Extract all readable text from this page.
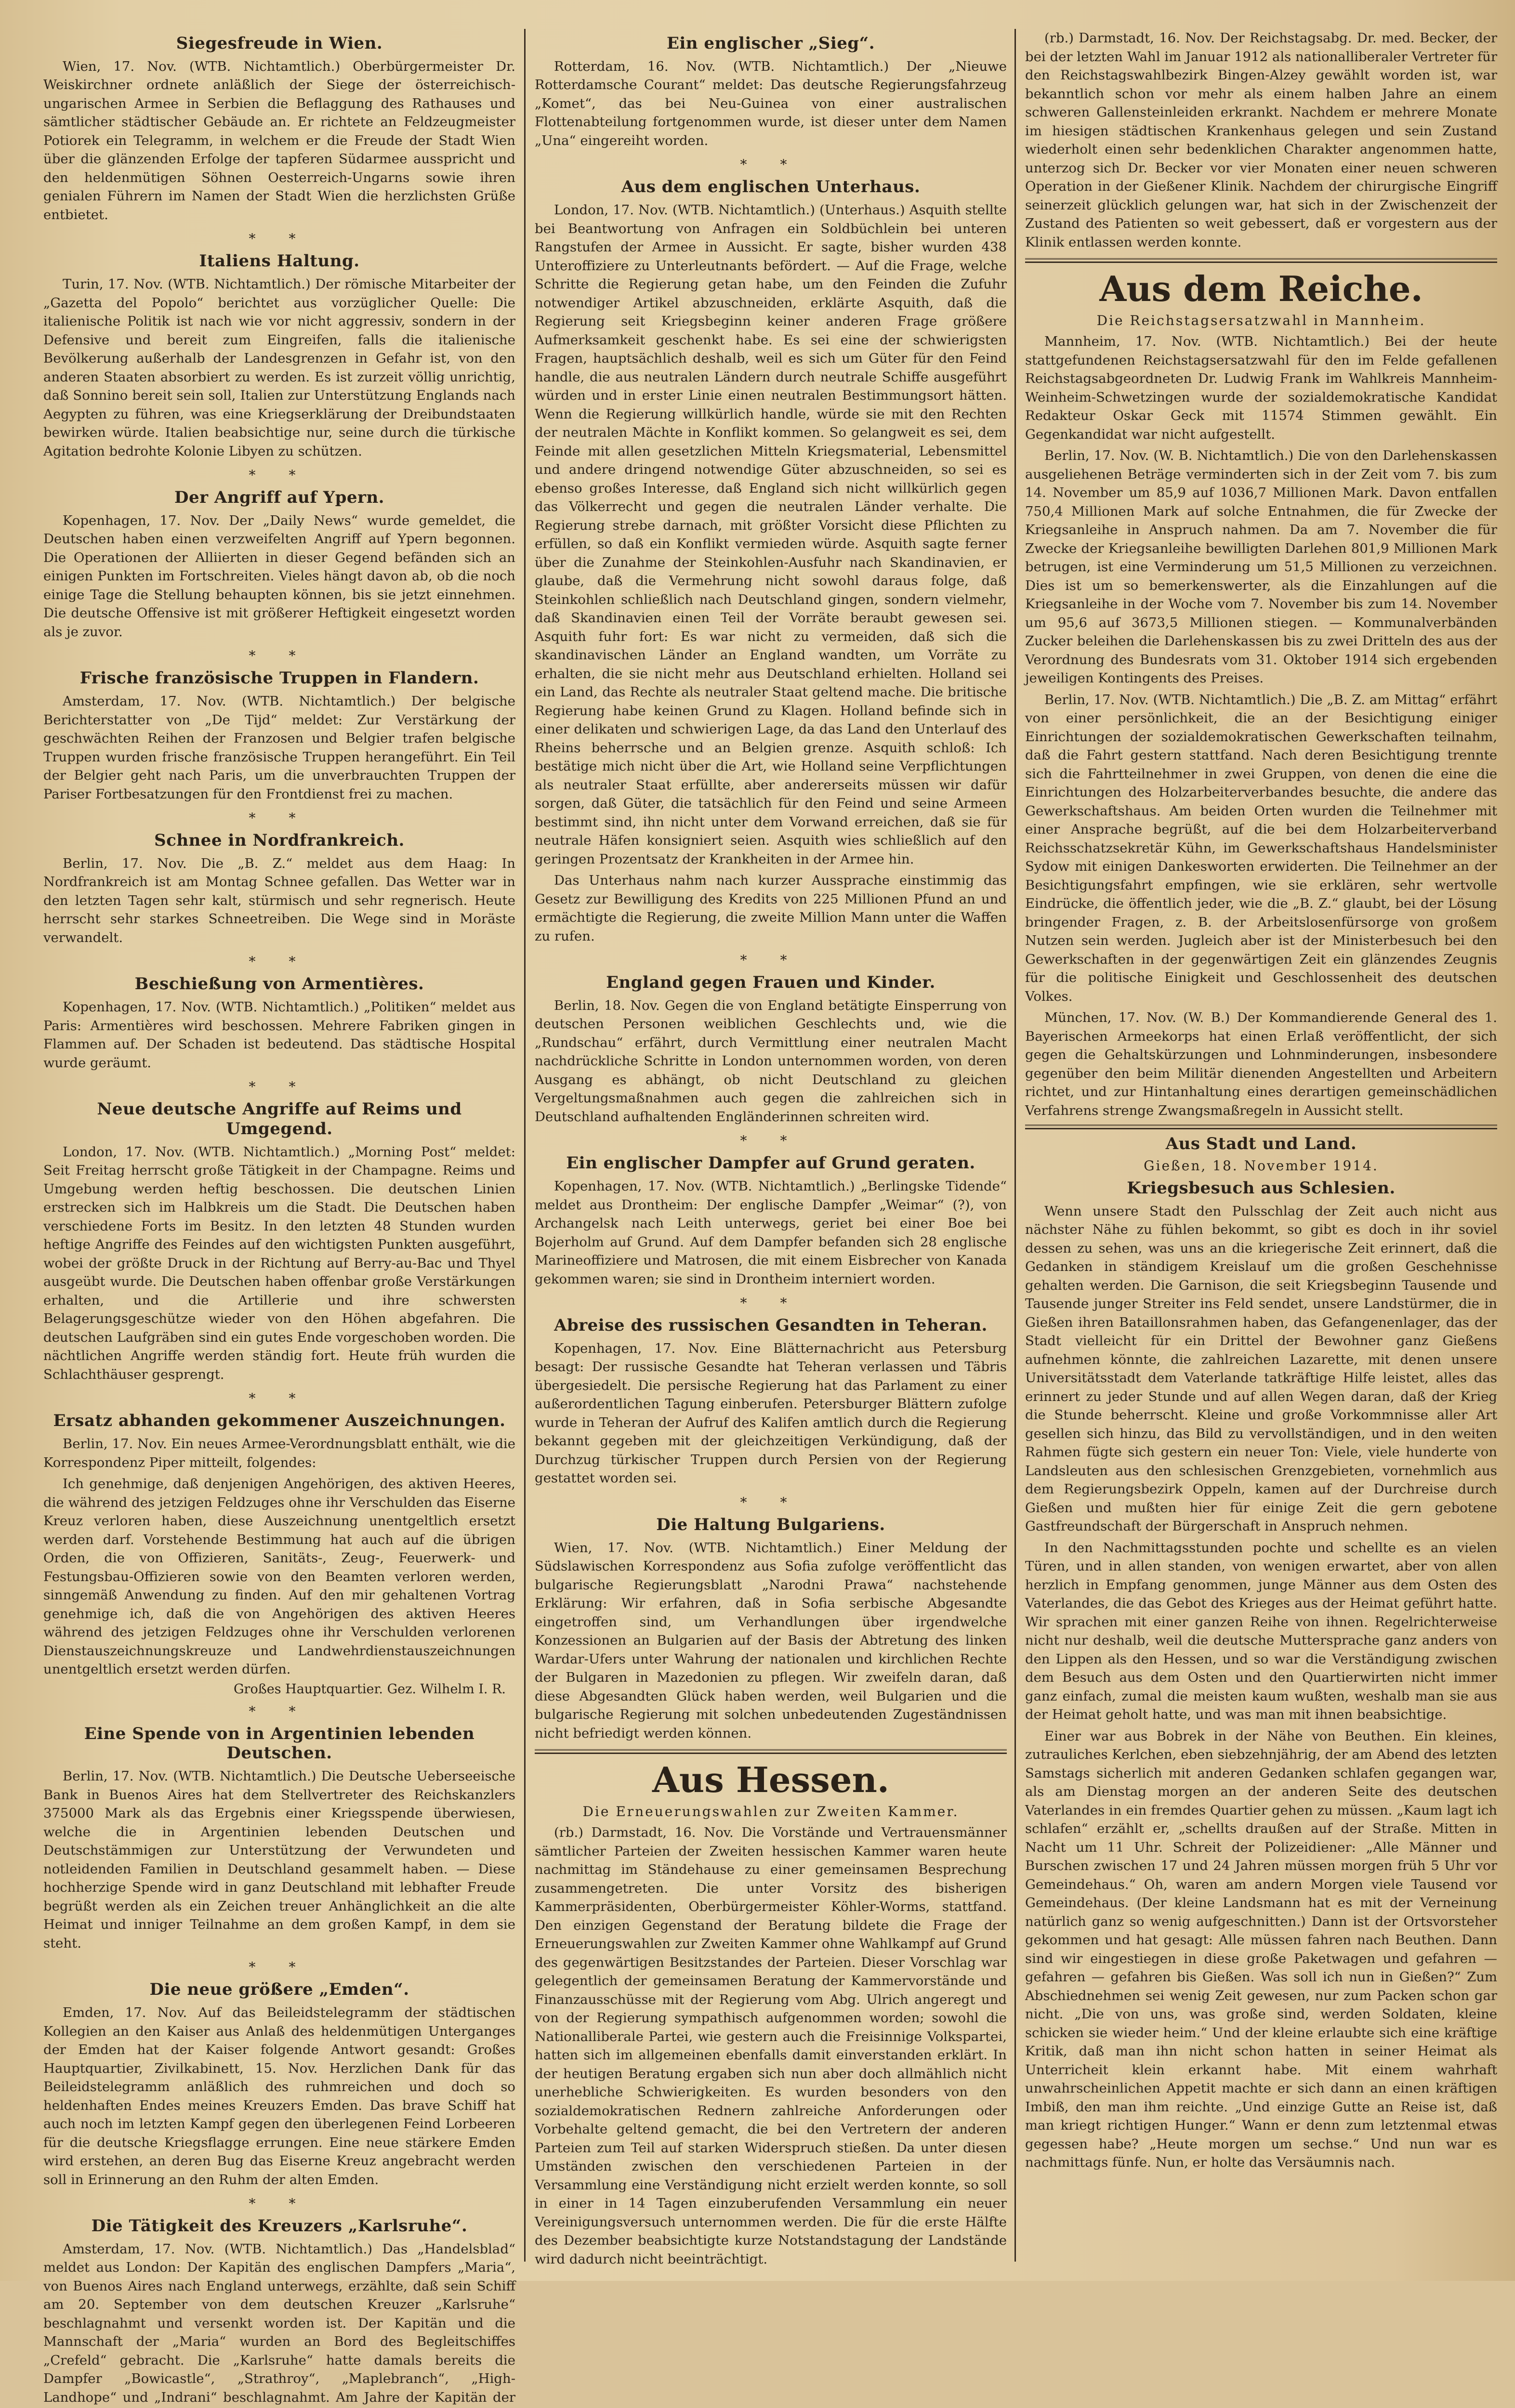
Siegesfreude in Wien.

Wien, 17. Nov. (WTB. Nichtamtlich.) Oberbürgermeister Dr. Weiskirchner ordnete anläßlich der Siege der österreichisch-ungarischen Armee in Serbien die Beflaggung des Rathauses und sämtlicher städtischer Gebäude an. Er richtete an Feldzeugmeister Potiorek ein Telegramm, in welchem er die Freude der Stadt Wien über die glänzenden Erfolge der tapferen Südarmee ausspricht und den heldenmütigen Söhnen Oesterreich-Ungarns sowie ihren genialen Führern im Namen der Stadt Wien die herzlichsten Grüße entbietet.

* *
Italiens Haltung.

Turin, 17. Nov. (WTB. Nichtamtlich.) Der römische Mitarbeiter der „Gazetta del Popolo“ berichtet aus vorzüglicher Quelle: Die italienische Politik ist nach wie vor nicht aggressiv, sondern in der Defensive und bereit zum Eingreifen, falls die italienische Bevölkerung außerhalb der Landesgrenzen in Gefahr ist, von den anderen Staaten absorbiert zu werden. Es ist zurzeit völlig unrichtig, daß Sonnino bereit sein soll, Italien zur Unterstützung Englands nach Aegypten zu führen, was eine Kriegserklärung der Dreibundstaaten bewirken würde. Italien beabsichtige nur, seine durch die türkische Agitation bedrohte Kolonie Libyen zu schützen.

* *
Der Angriff auf Ypern.

Kopenhagen, 17. Nov. Der „Daily News“ wurde gemeldet, die Deutschen haben einen verzweifelten Angriff auf Ypern begonnen. Die Operationen der Alliierten in dieser Gegend befänden sich an einigen Punkten im Fortschreiten. Vieles hängt davon ab, ob die noch einige Tage die Stellung behaupten können, bis sie jetzt einnehmen. Die deutsche Offensive ist mit größerer Heftigkeit eingesetzt worden als je zuvor.

* *
Frische französische Truppen in Flandern.

Amsterdam, 17. Nov. (WTB. Nichtamtlich.) Der belgische Berichterstatter von „De Tijd“ meldet: Zur Verstärkung der geschwächten Reihen der Franzosen und Belgier trafen belgische Truppen wurden frische französische Truppen herangeführt. Ein Teil der Belgier geht nach Paris, um die unverbrauchten Truppen der Pariser Fortbesatzungen für den Frontdienst frei zu machen.

* *
Schnee in Nordfrankreich.

Berlin, 17. Nov. Die „B. Z.“ meldet aus dem Haag: In Nordfrankreich ist am Montag Schnee gefallen. Das Wetter war in den letzten Tagen sehr kalt, stürmisch und sehr regnerisch. Heute herrscht sehr starkes Schneetreiben. Die Wege sind in Moräste verwandelt.

* *
Beschießung von Armentières.

Kopenhagen, 17. Nov. (WTB. Nichtamtlich.) „Politiken“ meldet aus Paris: Armentières wird beschossen. Mehrere Fabriken gingen in Flammen auf. Der Schaden ist bedeutend. Das städtische Hospital wurde geräumt.

* *
Neue deutsche Angriffe auf Reims und Umgegend.

London, 17. Nov. (WTB. Nichtamtlich.) „Morning Post“ meldet: Seit Freitag herrscht große Tätigkeit in der Champagne. Reims und Umgebung werden heftig beschossen. Die deutschen Linien erstrecken sich im Halbkreis um die Stadt. Die Deutschen haben verschiedene Forts im Besitz. In den letzten 48 Stunden wurden heftige Angriffe des Feindes auf den wichtigsten Punkten ausgeführt, wobei der größte Druck in der Richtung auf Berry-au-Bac und Thyel ausgeübt wurde. Die Deutschen haben offenbar große Verstärkungen erhalten, und die Artillerie und ihre schwersten Belagerungsgeschütze wieder von den Höhen abgefahren. Die deutschen Laufgräben sind ein gutes Ende vorgeschoben worden. Die nächtlichen Angriffe werden ständig fort. Heute früh wurden die Schlachthäuser gesprengt.

* *
Ersatz abhanden gekommener Auszeichnungen.

Berlin, 17. Nov. Ein neues Armee-Verordnungsblatt enthält, wie die Korrespondenz Piper mitteilt, folgendes:

Ich genehmige, daß denjenigen Angehörigen, des aktiven Heeres, die während des jetzigen Feldzuges ohne ihr Verschulden das Eiserne Kreuz verloren haben, diese Auszeichnung unentgeltlich ersetzt werden darf. Vorstehende Bestimmung hat auch auf die übrigen Orden, die von Offizieren, Sanitäts-, Zeug-, Feuerwerk- und Festungsbau-Offizieren sowie von den Beamten verloren werden, sinngemäß Anwendung zu finden. Auf den mir gehaltenen Vortrag genehmige ich, daß die von Angehörigen des aktiven Heeres während des jetzigen Feldzuges ohne ihr Verschulden verlorenen Dienstauszeichnungskreuze und Landwehrdienstauszeichnungen unentgeltlich ersetzt werden dürfen.

Großes Hauptquartier. Gez. Wilhelm I. R.
* *
Eine Spende von in Argentinien lebenden Deutschen.

Berlin, 17. Nov. (WTB. Nichtamtlich.) Die Deutsche Ueberseeische Bank in Buenos Aires hat dem Stellvertreter des Reichskanzlers 375000 Mark als das Ergebnis einer Kriegsspende überwiesen, welche die in Argentinien lebenden Deutschen und Deutschstämmigen zur Unterstützung der Verwundeten und notleidenden Familien in Deutschland gesammelt haben. — Diese hochherzige Spende wird in ganz Deutschland mit lebhafter Freude begrüßt werden als ein Zeichen treuer Anhänglichkeit an die alte Heimat und inniger Teilnahme an dem großen Kampf, in dem sie steht.

* *
Die neue größere „Emden“.

Emden, 17. Nov. Auf das Beileidstelegramm der städtischen Kollegien an den Kaiser aus Anlaß des heldenmütigen Unterganges der Emden hat der Kaiser folgende Antwort gesandt: Großes Hauptquartier, Zivilkabinett, 15. Nov. Herzlichen Dank für das Beileidstelegramm anläßlich des ruhmreichen und doch so heldenhaften Endes meines Kreuzers Emden. Das brave Schiff hat auch noch im letzten Kampf gegen den überlegenen Feind Lorbeeren für die deutsche Kriegsflagge errungen. Eine neue stärkere Emden wird erstehen, an deren Bug das Eiserne Kreuz angebracht werden soll in Erinnerung an den Ruhm der alten Emden.

* *
Die Tätigkeit des Kreuzers „Karlsruhe“.

Amsterdam, 17. Nov. (WTB. Nichtamtlich.) Das „Handelsblad“ meldet aus London: Der Kapitän des englischen Dampfers „Maria“, von Buenos Aires nach England unterwegs, erzählte, daß sein Schiff am 20. September von dem deutschen Kreuzer „Karlsruhe“ beschlagnahmt und versenkt worden ist. Der Kapitän und die Mannschaft der „Maria“ wurden an Bord des Begleitschiffes „Crefeld“ gebracht. Die „Karlsruhe“ hatte damals bereits die Dampfer „Bowicastle“, „Strathroy“, „Maplebranch“, „High-Landhope“ und „Indrani“ beschlagnahmt. Am Jahre der Kapitän der

Ein englischer „Sieg“.

Rotterdam, 16. Nov. (WTB. Nichtamtlich.) Der „Nieuwe Rotterdamsche Courant“ meldet: Das deutsche Regierungsfahrzeug „Komet“, das bei Neu-Guinea von einer australischen Flottenabteilung fortgenommen wurde, ist dieser unter dem Namen „Una“ eingereiht worden.

* *
Aus dem englischen Unterhaus.

London, 17. Nov. (WTB. Nichtamtlich.) (Unterhaus.) Asquith stellte bei Beantwortung von Anfragen ein Soldbüchlein bei unteren Rangstufen der Armee in Aussicht. Er sagte, bisher wurden 438 Unteroffiziere zu Unterleutnants befördert. — Auf die Frage, welche Schritte die Regierung getan habe, um den Feinden die Zufuhr notwendiger Artikel abzuschneiden, erklärte Asquith, daß die Regierung seit Kriegsbeginn keiner anderen Frage größere Aufmerksamkeit geschenkt habe. Es sei eine der schwierigsten Fragen, hauptsächlich deshalb, weil es sich um Güter für den Feind handle, die aus neutralen Ländern durch neutrale Schiffe ausgeführt würden und in erster Linie einen neutralen Bestimmungsort hätten. Wenn die Regierung willkürlich handle, würde sie mit den Rechten der neutralen Mächte in Konflikt kommen. So gelangweit es sei, dem Feinde mit allen gesetzlichen Mitteln Kriegsmaterial, Lebensmittel und andere dringend notwendige Güter abzuschneiden, so sei es ebenso großes Interesse, daß England sich nicht willkürlich gegen das Völkerrecht und gegen die neutralen Länder verhalte. Die Regierung strebe darnach, mit größter Vorsicht diese Pflichten zu erfüllen, so daß ein Konflikt vermieden würde. Asquith sagte ferner über die Zunahme der Steinkohlen-Ausfuhr nach Skandinavien, er glaube, daß die Vermehrung nicht sowohl daraus folge, daß Steinkohlen schließlich nach Deutschland gingen, sondern vielmehr, daß Skandinavien einen Teil der Vorräte beraubt gewesen sei. Asquith fuhr fort: Es war nicht zu vermeiden, daß sich die skandinavischen Länder an England wandten, um Vorräte zu erhalten, die sie nicht mehr aus Deutschland erhielten. Holland sei ein Land, das Rechte als neutraler Staat geltend mache. Die britische Regierung habe keinen Grund zu Klagen. Holland befinde sich in einer delikaten und schwierigen Lage, da das Land den Unterlauf des Rheins beherrsche und an Belgien grenze. Asquith schloß: Ich bestätige mich nicht über die Art, wie Holland seine Verpflichtungen als neutraler Staat erfüllte, aber andererseits müssen wir dafür sorgen, daß Güter, die tatsächlich für den Feind und seine Armeen bestimmt sind, ihn nicht unter dem Vorwand erreichen, daß sie für neutrale Häfen konsigniert seien. Asquith wies schließlich auf den geringen Prozentsatz der Krankheiten in der Armee hin.

Das Unterhaus nahm nach kurzer Aussprache einstimmig das Gesetz zur Bewilligung des Kredits von 225 Millionen Pfund an und ermächtigte die Regierung, die zweite Million Mann unter die Waffen zu rufen.

* *
England gegen Frauen und Kinder.

Berlin, 18. Nov. Gegen die von England betätigte Einsperrung von deutschen Personen weiblichen Geschlechts und, wie die „Rundschau“ erfährt, durch Vermittlung einer neutralen Macht nachdrückliche Schritte in London unternommen worden, von deren Ausgang es abhängt, ob nicht Deutschland zu gleichen Vergeltungsmaßnahmen auch gegen die zahlreichen sich in Deutschland aufhaltenden Engländerinnen schreiten wird.

* *
Ein englischer Dampfer auf Grund geraten.

Kopenhagen, 17. Nov. (WTB. Nichtamtlich.) „Berlingske Tidende“ meldet aus Drontheim: Der englische Dampfer „Weimar“ (?), von Archangelsk nach Leith unterwegs, geriet bei einer Boe bei Bojerholm auf Grund. Auf dem Dampfer befanden sich 28 englische Marineoffiziere und Matrosen, die mit einem Eisbrecher von Kanada gekommen waren; sie sind in Drontheim interniert worden.

* *
Abreise des russischen Gesandten in Teheran.

Kopenhagen, 17. Nov. Eine Blätternachricht aus Petersburg besagt: Der russische Gesandte hat Teheran verlassen und Täbris übergesiedelt. Die persische Regierung hat das Parlament zu einer außerordentlichen Tagung einberufen. Petersburger Blättern zufolge wurde in Teheran der Aufruf des Kalifen amtlich durch die Regierung bekannt gegeben mit der gleichzeitigen Verkündigung, daß der Durchzug türkischer Truppen durch Persien von der Regierung gestattet worden sei.

* *
Die Haltung Bulgariens.

Wien, 17. Nov. (WTB. Nichtamtlich.) Einer Meldung der Südslawischen Korrespondenz aus Sofia zufolge veröffentlicht das bulgarische Regierungsblatt „Narodni Prawa“ nachstehende Erklärung: Wir erfahren, daß in Sofia serbische Abgesandte eingetroffen sind, um Verhandlungen über irgendwelche Konzessionen an Bulgarien auf der Basis der Abtretung des linken Wardar-Ufers unter Wahrung der nationalen und kirchlichen Rechte der Bulgaren in Mazedonien zu pflegen. Wir zweifeln daran, daß diese Abgesandten Glück haben werden, weil Bulgarien und die bulgarische Regierung mit solchen unbedeutenden Zugeständnissen nicht befriedigt werden können.

Aus Hessen.
Die Erneuerungswahlen zur Zweiten Kammer.

(rb.) Darmstadt, 16. Nov. Die Vorstände und Vertrauensmänner sämtlicher Parteien der Zweiten hessischen Kammer waren heute nachmittag im Ständehause zu einer gemeinsamen Besprechung zusammengetreten. Die unter Vorsitz des bisherigen Kammerpräsidenten, Oberbürgermeister Köhler-Worms, stattfand. Den einzigen Gegenstand der Beratung bildete die Frage der Erneuerungswahlen zur Zweiten Kammer ohne Wahlkampf auf Grund des gegenwärtigen Besitzstandes der Parteien. Dieser Vorschlag war gelegentlich der gemeinsamen Beratung der Kammervorstände und Finanzausschüsse mit der Regierung vom Abg. Ulrich angeregt und von der Regierung sympathisch aufgenommen worden; sowohl die Nationalliberale Partei, wie gestern auch die Freisinnige Volkspartei, hatten sich im allgemeinen ebenfalls damit einverstanden erklärt. In der heutigen Beratung ergaben sich nun aber doch allmählich nicht unerhebliche Schwierigkeiten. Es wurden besonders von den sozialdemokratischen Rednern zahlreiche Anforderungen oder Vorbehalte geltend gemacht, die bei den Vertretern der anderen Parteien zum Teil auf starken Widerspruch stießen. Da unter diesen Umständen zwischen den verschiedenen Parteien in der Versammlung eine Verständigung nicht erzielt werden konnte, so soll in einer in 14 Tagen einzuberufenden Versammlung ein neuer Vereinigungsversuch unternommen werden. Die für die erste Hälfte des Dezember beabsichtigte kurze Notstandstagung der Landstände wird dadurch nicht beeinträchtigt.

(rb.) Darmstadt, 16. Nov. Der Reichstagsabg. Dr. med. Becker, der bei der letzten Wahl im Januar 1912 als nationalliberaler Vertreter für den Reichstagswahlbezirk Bingen-Alzey gewählt worden ist, war bekanntlich schon vor mehr als einem halben Jahre an einem schweren Gallensteinleiden erkrankt. Nachdem er mehrere Monate im hiesigen städtischen Krankenhaus gelegen und sein Zustand wiederholt einen sehr bedenklichen Charakter angenommen hatte, unterzog sich Dr. Becker vor vier Monaten einer neuen schweren Operation in der Gießener Klinik. Nachdem der chirurgische Eingriff seinerzeit glücklich gelungen war, hat sich in der Zwischenzeit der Zustand des Patienten so weit gebessert, daß er vorgestern aus der Klinik entlassen werden konnte.

Aus dem Reiche.
Die Reichstagsersatzwahl in Mannheim.

Mannheim, 17. Nov. (WTB. Nichtamtlich.) Bei der heute stattgefundenen Reichstagsersatzwahl für den im Felde gefallenen Reichstagsabgeordneten Dr. Ludwig Frank im Wahlkreis Mannheim-Weinheim-Schwetzingen wurde der sozialdemokratische Kandidat Redakteur Oskar Geck mit 11574 Stimmen gewählt. Ein Gegenkandidat war nicht aufgestellt.

Berlin, 17. Nov. (W. B. Nichtamtlich.) Die von den Darlehenskassen ausgeliehenen Beträge verminderten sich in der Zeit vom 7. bis zum 14. November um 85,9 auf 1036,7 Millionen Mark. Davon entfallen 750,4 Millionen Mark auf solche Entnahmen, die für Zwecke der Kriegsanleihe in Anspruch nahmen. Da am 7. November die für Zwecke der Kriegsanleihe bewilligten Darlehen 801,9 Millionen Mark betrugen, ist eine Verminderung um 51,5 Millionen zu verzeichnen. Dies ist um so bemerkenswerter, als die Einzahlungen auf die Kriegsanleihe in der Woche vom 7. November bis zum 14. November um 95,6 auf 3673,5 Millionen stiegen. — Kommunalverbänden Zucker beleihen die Darlehenskassen bis zu zwei Dritteln des aus der Verordnung des Bundesrats vom 31. Oktober 1914 sich ergebenden jeweiligen Kontingents des Preises.

Berlin, 17. Nov. (WTB. Nichtamtlich.) Die „B. Z. am Mittag“ erfährt von einer persönlichkeit, die an der Besichtigung einiger Einrichtungen der sozialdemokratischen Gewerkschaften teilnahm, daß die Fahrt gestern stattfand. Nach deren Besichtigung trennte sich die Fahrtteilnehmer in zwei Gruppen, von denen die eine die Einrichtungen des Holzarbeiterverbandes besuchte, die andere das Gewerkschaftshaus. Am beiden Orten wurden die Teilnehmer mit einer Ansprache begrüßt, auf die bei dem Holzarbeiterverband Reichsschatzsekretär Kühn, im Gewerkschaftshaus Handelsminister Sydow mit einigen Dankesworten erwiderten. Die Teilnehmer an der Besichtigungsfahrt empfingen, wie sie erklären, sehr wertvolle Eindrücke, die öffentlich jeder, wie die „B. Z.“ glaubt, bei der Lösung bringender Fragen, z. B. der Arbeitslosenfürsorge von großem Nutzen sein werden. Jugleich aber ist der Ministerbesuch bei den Gewerkschaften in der gegenwärtigen Zeit ein glänzendes Zeugnis für die politische Einigkeit und Geschlossenheit des deutschen Volkes.

München, 17. Nov. (W. B.) Der Kommandierende General des 1. Bayerischen Armeekorps hat einen Erlaß veröffentlicht, der sich gegen die Gehaltskürzungen und Lohnminderungen, insbesondere gegenüber den beim Militär dienenden Angestellten und Arbeitern richtet, und zur Hintanhaltung eines derartigen gemeinschädlichen Verfahrens strenge Zwangsmaßregeln in Aussicht stellt.

Aus Stadt und Land.
Gießen, 18. November 1914.
Kriegsbesuch aus Schlesien.

Wenn unsere Stadt den Pulsschlag der Zeit auch nicht aus nächster Nähe zu fühlen bekommt, so gibt es doch in ihr soviel dessen zu sehen, was uns an die kriegerische Zeit erinnert, daß die Gedanken in ständigem Kreislauf um die großen Geschehnisse gehalten werden. Die Garnison, die seit Kriegsbeginn Tausende und Tausende junger Streiter ins Feld sendet, unsere Landstürmer, die in Gießen ihren Bataillonsrahmen haben, das Gefangenenlager, das der Stadt vielleicht für ein Drittel der Bewohner ganz Gießens aufnehmen könnte, die zahlreichen Lazarette, mit denen unsere Universitätsstadt dem Vaterlande tatkräftige Hilfe leistet, alles das erinnert zu jeder Stunde und auf allen Wegen daran, daß der Krieg die Stunde beherrscht. Kleine und große Vorkommnisse aller Art gesellen sich hinzu, das Bild zu vervollständigen, und in den weiten Rahmen fügte sich gestern ein neuer Ton: Viele, viele hunderte von Landsleuten aus den schlesischen Grenzgebieten, vornehmlich aus dem Regierungsbezirk Oppeln, kamen auf der Durchreise durch Gießen und mußten hier für einige Zeit die gern gebotene Gastfreundschaft der Bürgerschaft in Anspruch nehmen.

In den Nachmittagsstunden pochte und schellte es an vielen Türen, und in allen standen, von wenigen erwartet, aber von allen herzlich in Empfang genommen, junge Männer aus dem Osten des Vaterlandes, die das Gebot des Krieges aus der Heimat geführt hatte. Wir sprachen mit einer ganzen Reihe von ihnen. Regelrichterweise nicht nur deshalb, weil die deutsche Muttersprache ganz anders von den Lippen als den Hessen, und so war die Verständigung zwischen dem Besuch aus dem Osten und den Quartierwirten nicht immer ganz einfach, zumal die meisten kaum wußten, weshalb man sie aus der Heimat geholt hatte, und was man mit ihnen beabsichtige.

Einer war aus Bobrek in der Nähe von Beuthen. Ein kleines, zutrauliches Kerlchen, eben siebzehnjährig, der am Abend des letzten Samstags sicherlich mit anderen Gedanken schlafen gegangen war, als am Dienstag morgen an der anderen Seite des deutschen Vaterlandes in ein fremdes Quartier gehen zu müssen. „Kaum lagt ich schlafen“ erzählt er, „schellts draußen auf der Straße. Mitten in Nacht um 11 Uhr. Schreit der Polizeidiener: „Alle Männer und Burschen zwischen 17 und 24 Jahren müssen morgen früh 5 Uhr vor Gemeindehaus.“ Oh, waren am andern Morgen viele Tausend vor Gemeindehaus. (Der kleine Landsmann hat es mit der Verneinung natürlich ganz so wenig aufgeschnitten.) Dann ist der Ortsvorsteher gekommen und hat gesagt: Alle müssen fahren nach Beuthen. Dann sind wir eingestiegen in diese große Paketwagen und gefahren — gefahren — gefahren bis Gießen. Was soll ich nun in Gießen?“ Zum Abschiednehmen sei wenig Zeit gewesen, nur zum Packen schon gar nicht. „Die von uns, was große sind, werden Soldaten, kleine schicken sie wieder heim.“ Und der kleine erlaubte sich eine kräftige Kritik, daß man ihn nicht schon hatten in seiner Heimat als Unterricheit klein erkannt habe. Mit einem wahrhaft unwahrscheinlichen Appetit machte er sich dann an einen kräftigen Imbiß, den man ihm reichte. „Und einzige Gutte an Reise ist, daß man kriegt richtigen Hunger.“ Wann er denn zum letztenmal etwas gegessen habe? „Heute morgen um sechse.“ Und nun war es nachmittags fünfe. Nun, er holte das Versäumnis nach.
